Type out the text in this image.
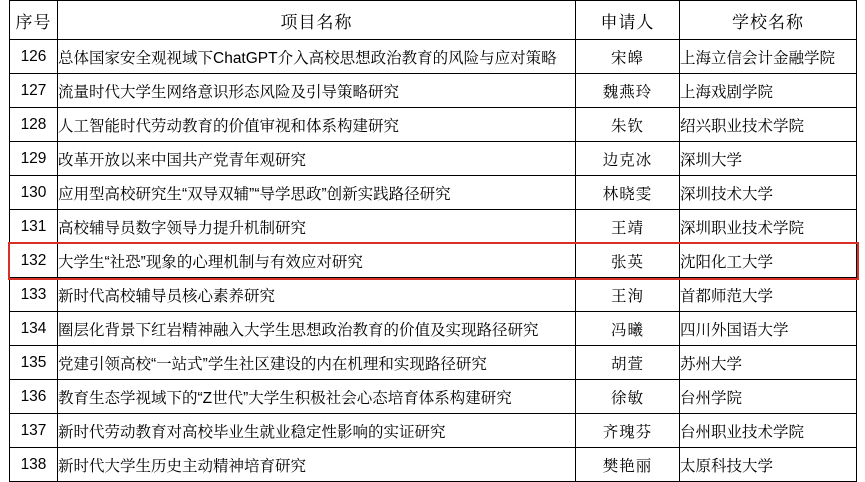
序号	项目名称	申请人	学校名称
126	总体国家安全观视域下ChatGPT介入高校思想政治教育的风险与应对策略	宋皞	上海立信会计金融学院
127	流量时代大学生网络意识形态风险及引导策略研究	魏燕玲	上海戏剧学院
128	人工智能时代劳动教育的价值审视和体系构建研究	朱钦	绍兴职业技术学院
129	改革开放以来中国共产党青年观研究	边克冰	深圳大学
130	应用型高校研究生“双导双辅”“导学思政”创新实践路径研究	林晓雯	深圳技术大学
131	高校辅导员数字领导力提升机制研究	王靖	深圳职业技术学院
132	大学生“社恐”现象的心理机制与有效应对研究	张英	沈阳化工大学
133	新时代高校辅导员核心素养研究	王洵	首都师范大学
134	圈层化背景下红岩精神融入大学生思想政治教育的价值及实现路径研究	冯曦	四川外国语大学
135	党建引领高校“一站式”学生社区建设的内在机理和实现路径研究	胡萱	苏州大学
136	教育生态学视域下的“Z世代”大学生积极社会心态培育体系构建研究	徐敏	台州学院
137	新时代劳动教育对高校毕业生就业稳定性影响的实证研究	齐瑰芬	台州职业技术学院
138	新时代大学生历史主动精神培育研究	樊艳丽	太原科技大学
